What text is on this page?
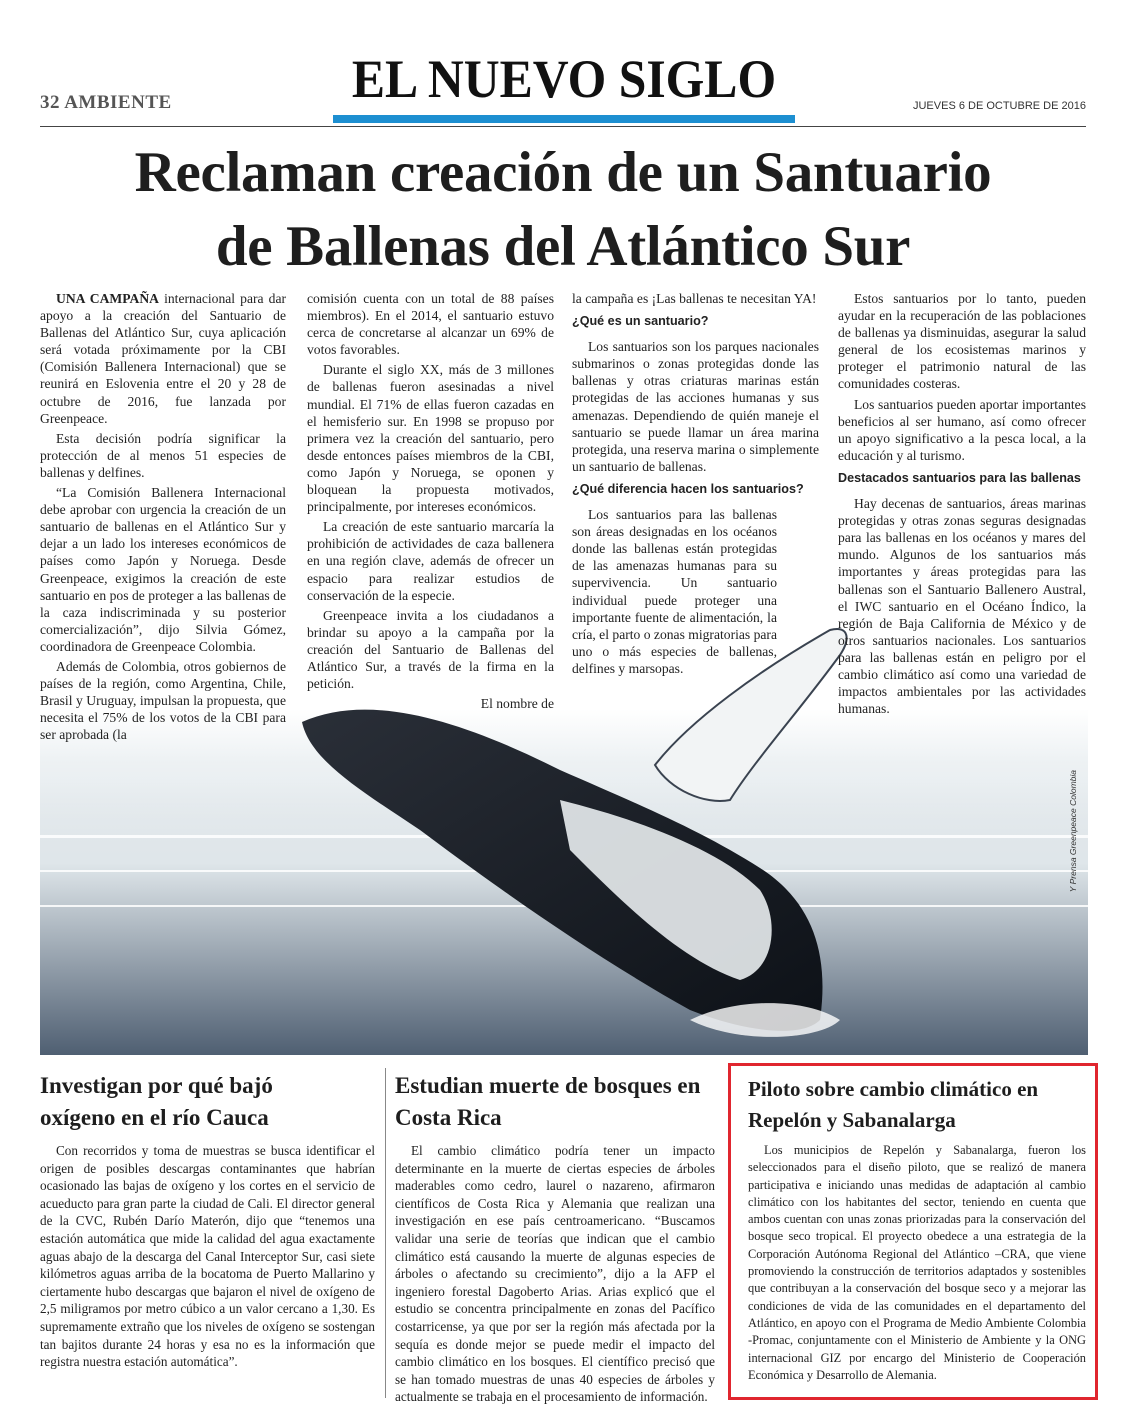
32 AMBIENTE	EL NUEVO SIGLO	JUEVES 6 DE OCTUBRE DE 2016
Reclaman creación de un Santuario
de Ballenas del Atlántico Sur
Y Prensa Greenpeace Colombia

UNA CAMPAÑA internacional para dar apoyo a la creación del Santuario de Ballenas del Atlántico Sur, cuya aplicación será votada próximamente por la CBI (Comisión Ballenera Internacional) que se reunirá en Eslovenia entre el 20 y 28 de octubre de 2016, fue lanzada por Greenpeace.

Esta decisión podría significar la protección de al menos 51 especies de ballenas y delfines.

“La Comisión Ballenera Internacional debe aprobar con urgencia la creación de un santuario de ballenas en el Atlántico Sur y dejar a un lado los intereses económicos de países como Japón y Noruega. Desde Greenpeace, exigimos la creación de este santuario en pos de proteger a las ballenas de la caza indiscriminada y su posterior comercialización”, dijo Silvia Gómez, coordinadora de Greenpeace Colombia.

Además de Colombia, otros gobiernos de países de la región, como Argentina, Chile, Brasil y Uruguay, impulsan la propuesta, que necesita el 75% de los votos de la CBI para ser aprobada (la

comisión cuenta con un total de 88 países miembros). En el 2014, el santuario estuvo cerca de concretarse al alcanzar un 69% de votos favorables.

Durante el siglo XX, más de 3 millones de ballenas fueron asesinadas a nivel mundial. El 71% de ellas fueron cazadas en el hemisferio sur. En 1998 se propuso por primera vez la creación del santuario, pero desde entonces países miembros de la CBI, como Japón y Noruega, se oponen y bloquean la propuesta motivados, principalmente, por intereses económicos.

La creación de este santuario marcaría la prohibición de actividades de caza ballenera en una región clave, además de ofrecer un espacio para realizar estudios de conservación de la especie.

Greenpeace invita a los ciudadanos a brindar su apoyo a la campaña por la creación del Santuario de Ballenas del Atlántico Sur, a través de la firma en la petición.

El nombre de

la campaña es ¡Las ballenas te necesitan YA!

¿Qué es un santuario?

Los santuarios son los parques nacionales submarinos o zonas protegidas donde las ballenas y otras criaturas marinas están protegidas de las acciones humanas y sus amenazas. Dependiendo de quién maneje el santuario se puede llamar un área marina protegida, una reserva marina o simplemente un santuario de ballenas.

¿Qué diferencia hacen los santuarios?

Los santuarios para las ballenas son áreas designadas en los océanos donde las ballenas están protegidas de las amenazas humanas para su supervivencia. Un santuario individual puede proteger una importante fuente de alimentación, la cría, el parto o zonas migratorias para uno o más especies de ballenas, delfines y marsopas.

Estos santuarios por lo tanto, pueden ayudar en la recuperación de las poblaciones de ballenas ya disminuidas, asegurar la salud general de los ecosistemas marinos y proteger el patrimonio natural de las comunidades costeras.

Los santuarios pueden aportar importantes beneficios al ser humano, así como ofrecer un apoyo significativo a la pesca local, a la educación y al turismo.

Destacados santuarios para las ballenas

Hay decenas de santuarios, áreas marinas protegidas y otras zonas seguras designadas para las ballenas en los océanos y mares del mundo. Algunos de los santuarios más importantes y áreas protegidas para las ballenas son el Santuario Ballenero Austral, el IWC santuario en el Océano Índico, la región de Baja California de México y de otros santuarios nacionales. Los santuarios para las ballenas están en peligro por el cambio climático así como una variedad de impactos ambientales por las actividades humanas.

Investigan por qué bajó oxígeno en el río Cauca

Con recorridos y toma de muestras se busca identificar el origen de posibles descargas contaminantes que habrían ocasionado las bajas de oxígeno y los cortes en el servicio de acueducto para gran parte la ciudad de Cali. El director general de la CVC, Rubén Darío Materón, dijo que “tenemos una estación automática que mide la calidad del agua exactamente aguas abajo de la descarga del Canal Interceptor Sur, casi siete kilómetros aguas arriba de la bocatoma de Puerto Mallarino y ciertamente hubo descargas que bajaron el nivel de oxígeno de 2,5 miligramos por metro cúbico a un valor cercano a 1,30. Es supremamente extraño que los niveles de oxígeno se sostengan tan bajitos durante 24 horas y esa no es la información que registra nuestra estación automática”.

Estudian muerte de bosques en Costa Rica

El cambio climático podría tener un impacto determinante en la muerte de ciertas especies de árboles maderables como cedro, laurel o nazareno, afirmaron científicos de Costa Rica y Alemania que realizan una investigación en ese país centroamericano. “Buscamos validar una serie de teorías que indican que el cambio climático está causando la muerte de algunas especies de árboles o afectando su crecimiento”, dijo a la AFP el ingeniero forestal Dagoberto Arias. Arias explicó que el estudio se concentra principalmente en zonas del Pacífico costarricense, ya que por ser la región más afectada por la sequía es donde mejor se puede medir el impacto del cambio climático en los bosques. El científico precisó que se han tomado muestras de unas 40 especies de árboles y actualmente se trabaja en el procesamiento de información.

Piloto sobre cambio climático en Repelón y Sabanalarga

Los municipios de Repelón y Sabanalarga, fueron los seleccionados para el diseño piloto, que se realizó de manera participativa e iniciando unas medidas de adaptación al cambio climático con los habitantes del sector, teniendo en cuenta que ambos cuentan con unas zonas priorizadas para la conservación del bosque seco tropical. El proyecto obedece a una estrategia de la Corporación Autónoma Regional del Atlántico –CRA, que viene promoviendo la construcción de territorios adaptados y sostenibles que contribuyan a la conservación del bosque seco y a mejorar las condiciones de vida de las comunidades en el departamento del Atlántico, en apoyo con el Programa de Medio Ambiente Colombia -Promac, conjuntamente con el Ministerio de Ambiente y la ONG internacional GIZ por encargo del Ministerio de Cooperación Económica y Desarrollo de Alemania.
